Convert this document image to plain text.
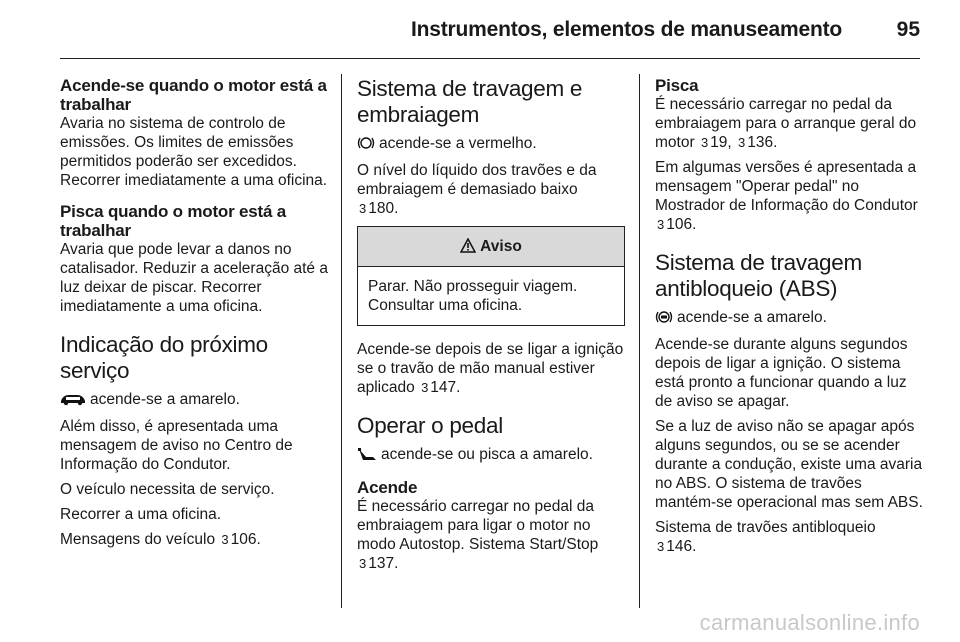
Instrumentos, elementos de manuseamento	95
Acende-se quando o motor está a trabalhar

Avaria no sistema de controlo de emissões. Os limites de emissões permitidos poderão ser excedidos. Recorrer imediatamente a uma oficina.

Pisca quando o motor está a trabalhar

Avaria que pode levar a danos no catalisador. Reduzir a aceleração até a luz deixar de piscar. Recorrer imediatamente a uma oficina.

Indicação do próximo serviço

acende-se a amarelo.

Além disso, é apresentada uma mensagem de aviso no Centro de Informação do Condutor.

O veículo necessita de serviço.

Recorrer a uma oficina.

Mensagens do veículo 3 106.

Sistema de travagem e embraiagem

acende-se a vermelho.

O nível do líquido dos travões e da embraiagem é demasiado baixo
3 180.

Aviso
Parar. Não prosseguir viagem. Consultar uma oficina.

Acende-se depois de se ligar a ignição se o travão de mão manual estiver aplicado 3 147.

Operar o pedal

acende-se ou pisca a amarelo.

Acende

É necessário carregar no pedal da embraiagem para ligar o motor no modo Autostop. Sistema Start/Stop
3 137.

Pisca

É necessário carregar no pedal da embraiagem para o arranque geral do motor 3 19, 3 136.

Em algumas versões é apresentada a mensagem "Operar pedal" no Mostrador de Informação do Condutor 3 106.

Sistema de travagem antibloqueio (ABS)

acende-se a amarelo.

Acende-se durante alguns segundos depois de ligar a ignição. O sistema está pronto a funcionar quando a luz de aviso se apagar.

Se a luz de aviso não se apagar após alguns segundos, ou se se acender durante a condução, existe uma avaria no ABS. O sistema de travões mantém-se operacional mas sem ABS.

Sistema de travões antibloqueio
3 146.

carmanualsonline.info
